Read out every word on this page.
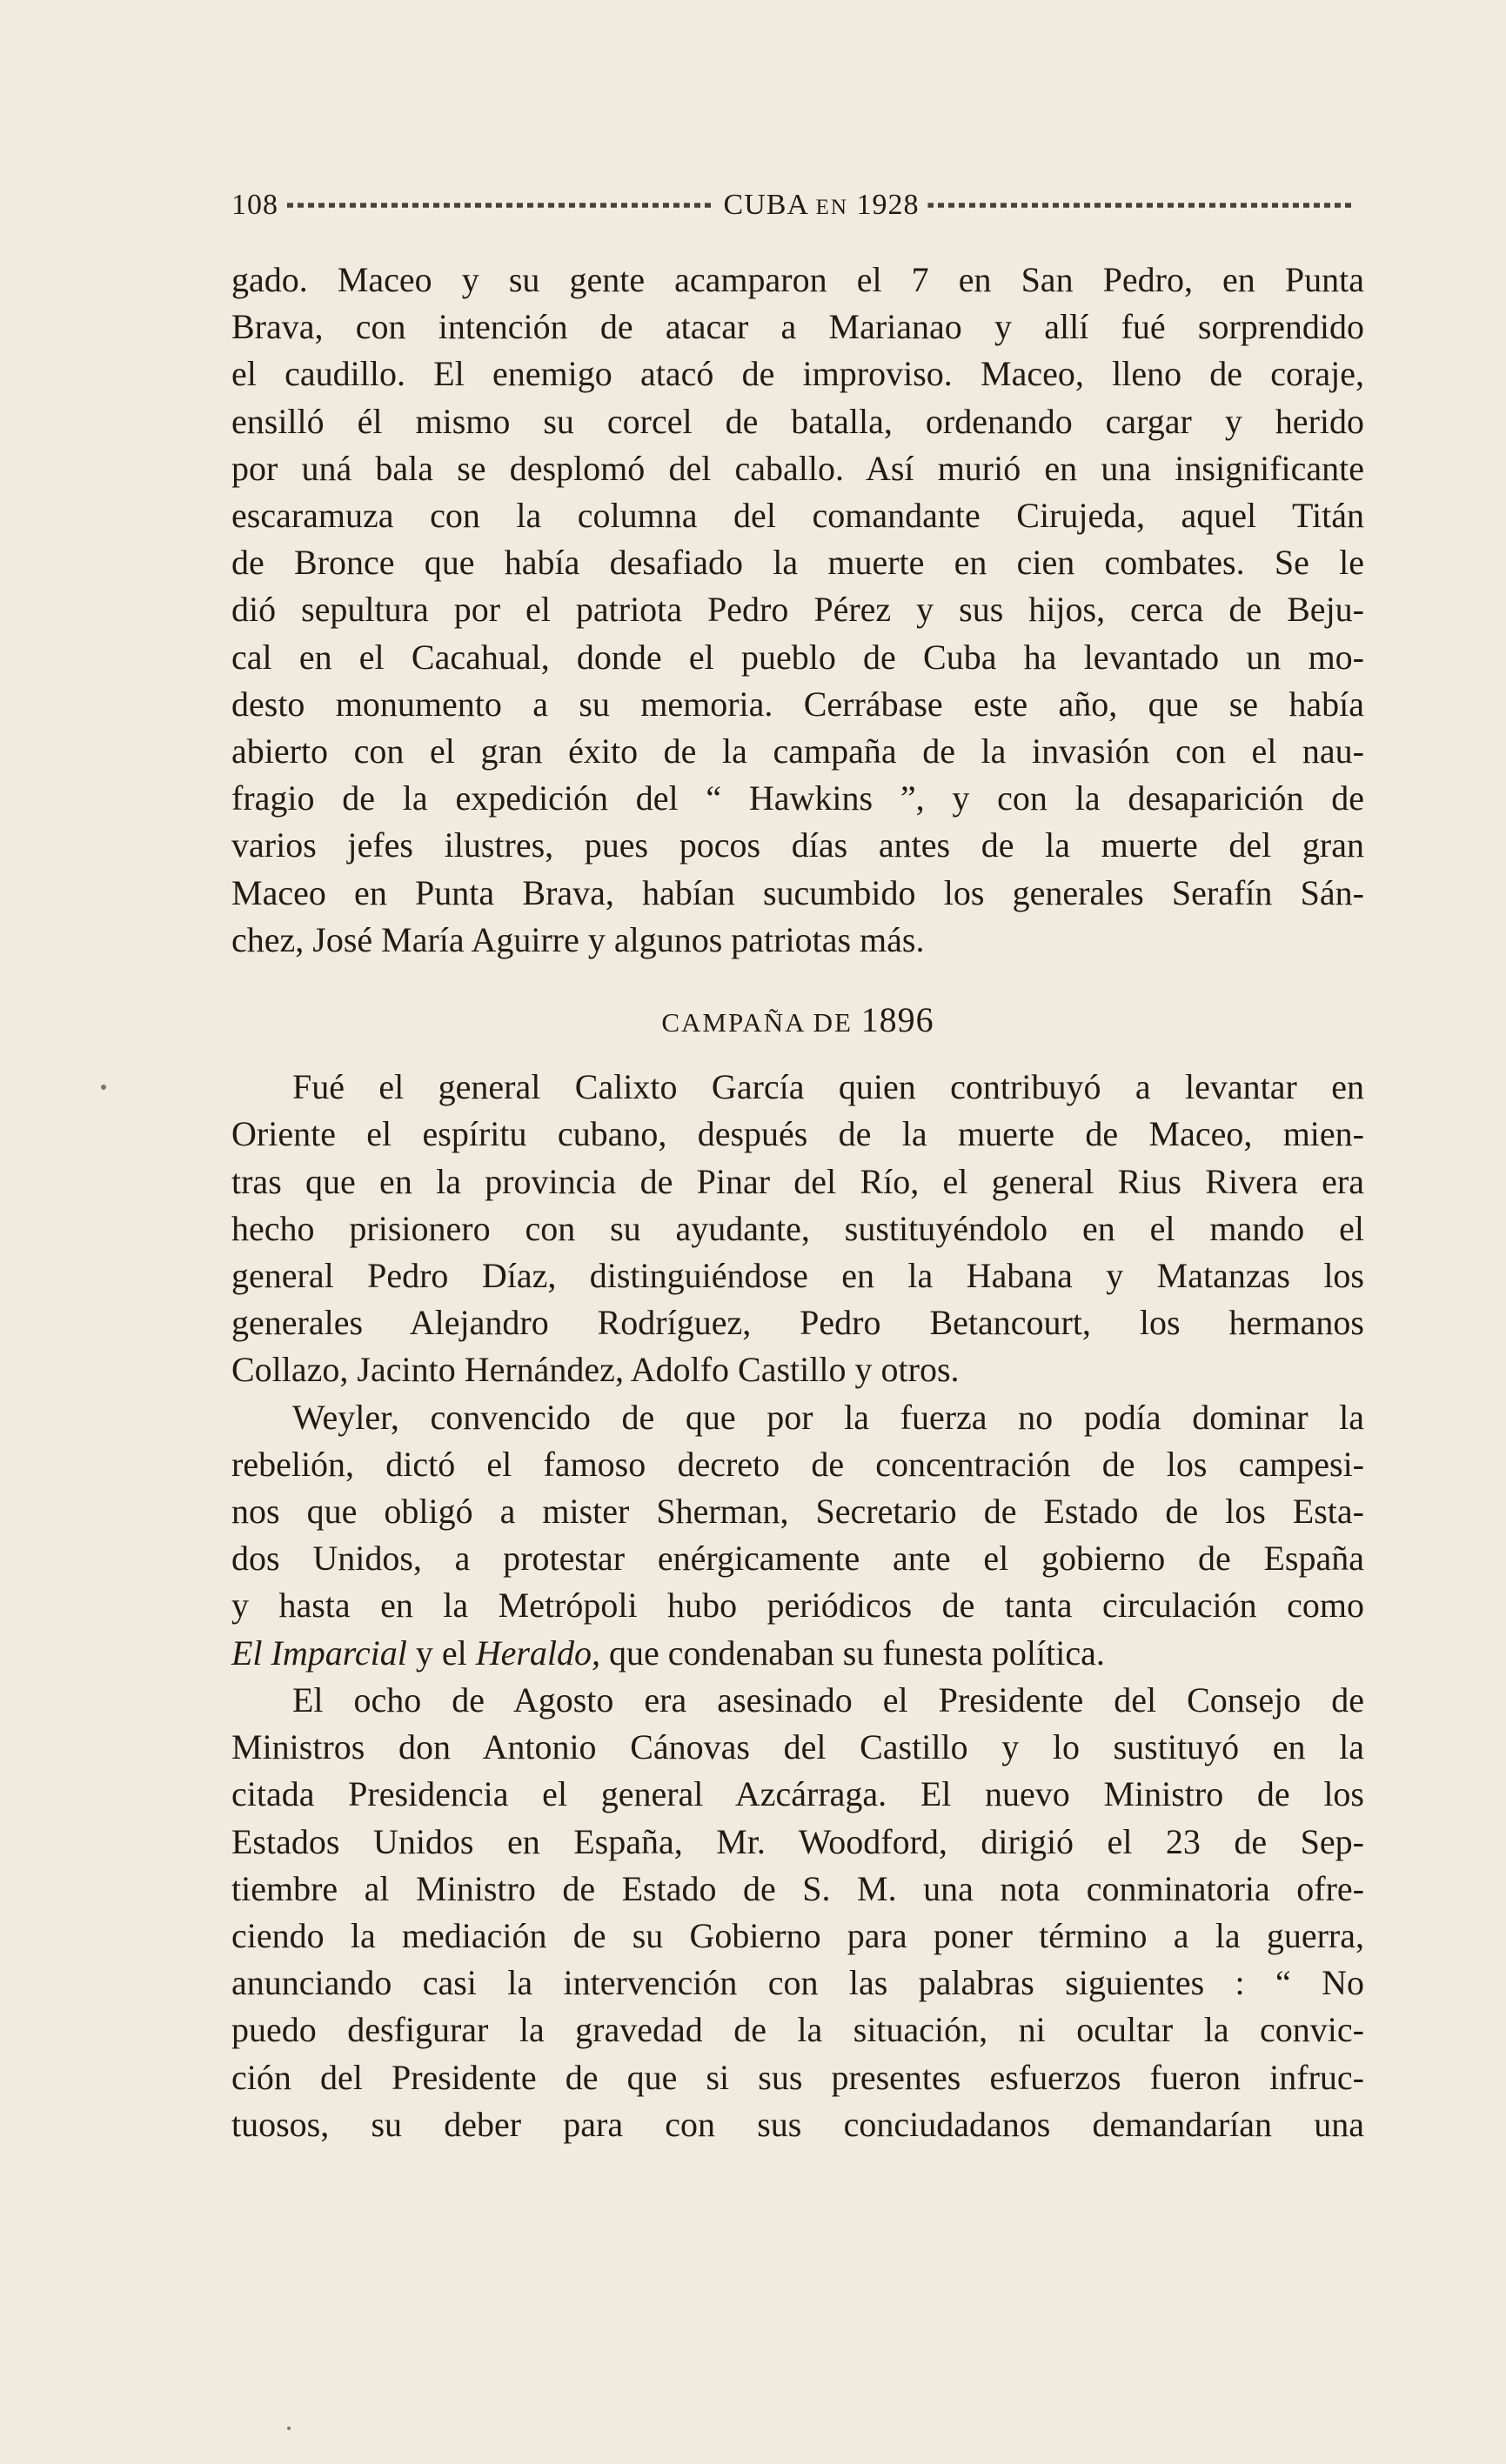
108	CUBA EN 1928
gado. Maceo y su gente acamparon el 7 en San Pedro, en Punta
Brava, con intención de atacar a Marianao y allí fué sorprendido
el caudillo. El enemigo atacó de improviso. Maceo, lleno de coraje,
ensilló él mismo su corcel de batalla, ordenando cargar y herido
por uná bala se desplomó del caballo. Así murió en una insignificante
escaramuza con la columna del comandante Cirujeda, aquel Titán
de Bronce que había desafiado la muerte en cien combates. Se le
dió sepultura por el patriota Pedro Pérez y sus hijos, cerca de Beju-
cal en el Cacahual, donde el pueblo de Cuba ha levantado un mo-
desto monumento a su memoria. Cerrábase este año, que se había
abierto con el gran éxito de la campaña de la invasión con el nau-
fragio de la expedición del “ Hawkins ”, y con la desaparición de
varios jefes ilustres, pues pocos días antes de la muerte del gran
Maceo en Punta Brava, habían sucumbido los generales Serafín Sán-
chez, José María Aguirre y algunos patriotas más.
CAMPAÑA DE 1896
Fué el general Calixto García quien contribuyó a levantar en
Oriente el espíritu cubano, después de la muerte de Maceo, mien-
tras que en la provincia de Pinar del Río, el general Rius Rivera era
hecho prisionero con su ayudante, sustituyéndolo en el mando el
general Pedro Díaz, distinguiéndose en la Habana y Matanzas los
generales Alejandro Rodríguez, Pedro Betancourt, los hermanos
Collazo, Jacinto Hernández, Adolfo Castillo y otros.
Weyler, convencido de que por la fuerza no podía dominar la
rebelión, dictó el famoso decreto de concentración de los campesi-
nos que obligó a mister Sherman, Secretario de Estado de los Esta-
dos Unidos, a protestar enérgicamente ante el gobierno de España
y hasta en la Metrópoli hubo periódicos de tanta circulación como
El Imparcial y el Heraldo, que condenaban su funesta política.
El ocho de Agosto era asesinado el Presidente del Consejo de
Ministros don Antonio Cánovas del Castillo y lo sustituyó en la
citada Presidencia el general Azcárraga. El nuevo Ministro de los
Estados Unidos en España, Mr. Woodford, dirigió el 23 de Sep-
tiembre al Ministro de Estado de S. M. una nota conminatoria ofre-
ciendo la mediación de su Gobierno para poner término a la guerra,
anunciando casi la intervención con las palabras siguientes : “ No
puedo desfigurar la gravedad de la situación, ni ocultar la convic-
ción del Presidente de que si sus presentes esfuerzos fueron infruc-
tuosos, su deber para con sus conciudadanos demandarían una
